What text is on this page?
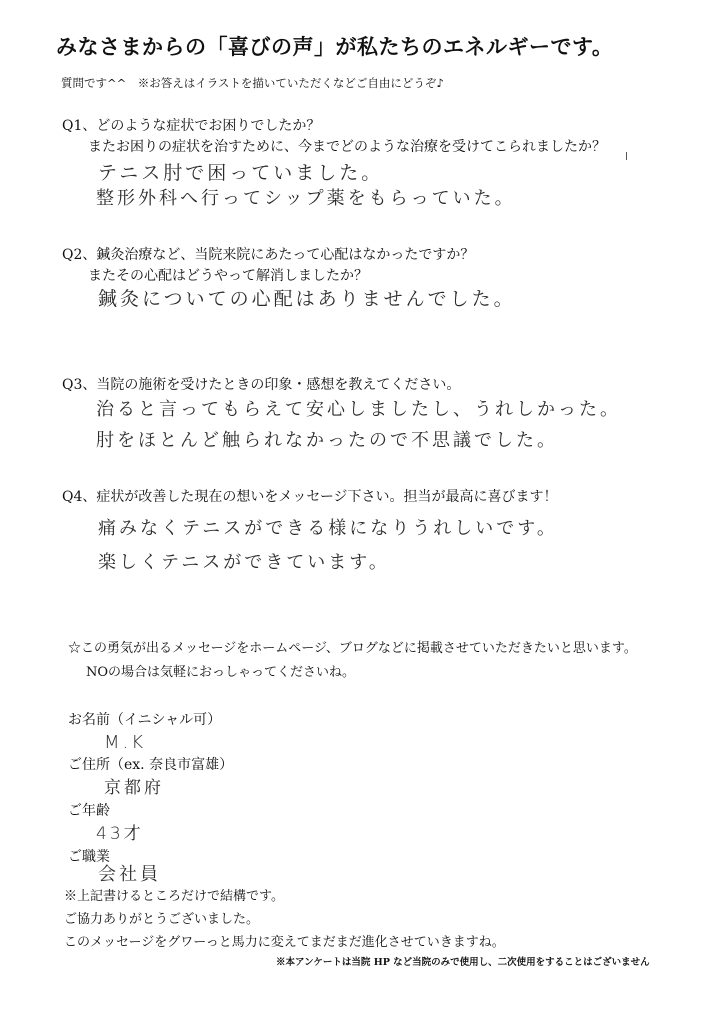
みなさまからの「喜びの声」が私たちのエネルギーです。

質問です^^　※お答えはイラストを描いていただくなどご自由にどうぞ♪

Q1、どのような症状でお困りでしたか？

またお困りの症状を治すために、今までどのような治療を受けてこられましたか？

テニス肘で困っていました。

整形外科へ行ってシップ薬をもらっていた。

Q2、鍼灸治療など、当院来院にあたって心配はなかったですか？

またその心配はどうやって解消しましたか？

鍼灸についての心配はありませんでした。

Q3、当院の施術を受けたときの印象・感想を教えてください。

治ると言ってもらえて安心しましたし、うれしかった。

肘をほとんど触られなかったので不思議でした。

Q4、症状が改善した現在の想いをメッセージ下さい。担当が最高に喜びます！

痛みなくテニスができる様になりうれしいです。

楽しくテニスができています。

☆この勇気が出るメッセージをホームページ、ブログなどに掲載させていただきたいと思います。

NOの場合は気軽におっしゃってくださいね。

お名前（イニシャル可）

M.K

ご住所（ex. 奈良市富雄）

京都府

ご年齢

43才

ご職業

会社員

※上記書けるところだけで結構です。

ご協力ありがとうございました。

このメッセージをグワーっと馬力に変えてまだまだ進化させていきますね。

※本アンケートは当院 HP など当院のみで使用し、二次使用をすることはございません
